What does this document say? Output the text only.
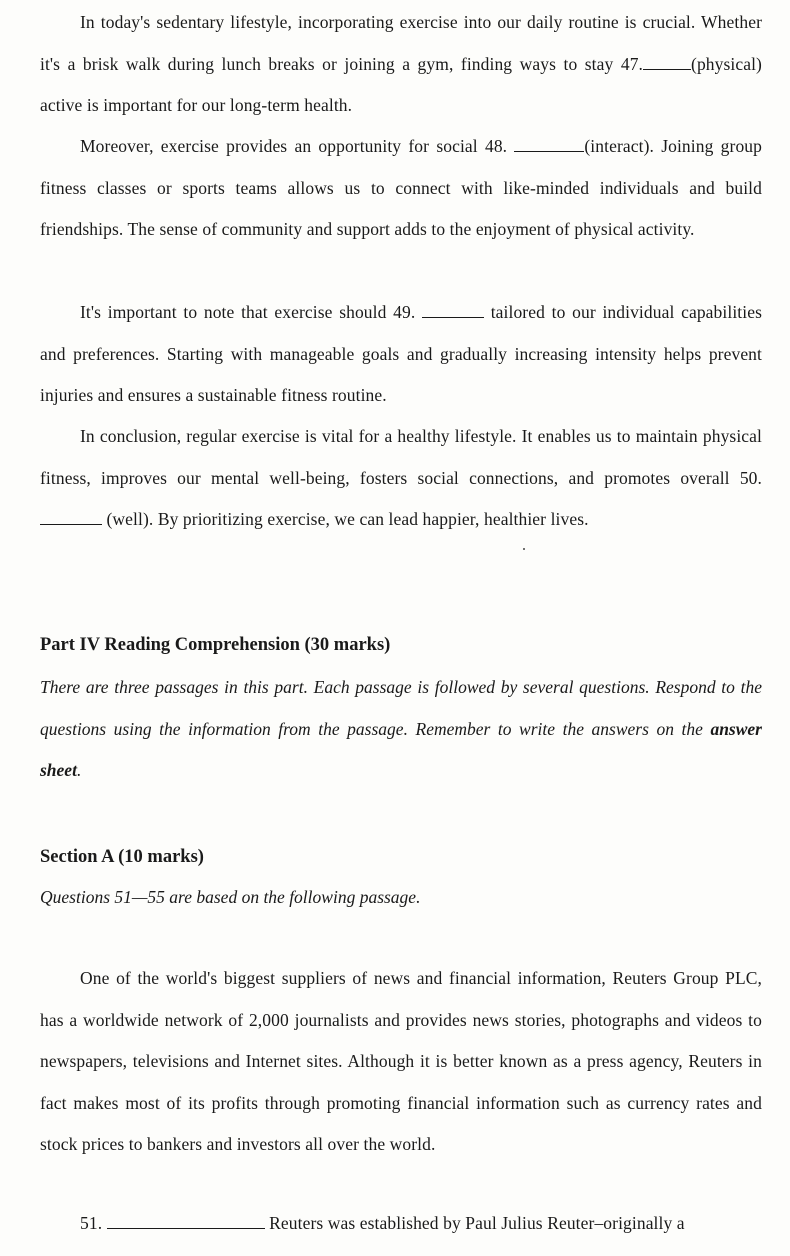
In today's sedentary lifestyle, incorporating exercise into our daily routine is crucial. Whether it's a brisk walk during lunch breaks or joining a gym, finding ways to stay 47.	(physical) active is important for our long-term health.

Moreover, exercise provides an opportunity for social 48.	(interact). Joining group fitness classes or sports teams allows us to connect with like-minded individuals and build friendships. The sense of community and support adds to the enjoyment of physical activity.

It's important to note that exercise should 49.	tailored to our individual capabilities and preferences. Starting with manageable goals and gradually increasing intensity helps prevent injuries and ensures a sustainable fitness routine.

In conclusion, regular exercise is vital for a healthy lifestyle. It enables us to maintain physical fitness, improves our mental well-being, fosters social connections, and promotes overall 50.  (well). By prioritizing exercise, we can lead happier, healthier lives.

Part IV Reading Comprehension (30 marks)

There are three passages in this part. Each passage is followed by several questions. Respond to the questions using the information from the passage. Remember to write the answers on the answer sheet.

Section A (10 marks)

Questions 51—55 are based on the following passage.

One of the world's biggest suppliers of news and financial information, Reuters Group PLC, has a worldwide network of 2,000 journalists and provides news stories, photographs and videos to newspapers, televisions and Internet sites. Although it is better known as a press agency, Reuters in fact makes most of its profits through promoting financial information such as currency rates and stock prices to bankers and investors all over the world.

51.	Reuters was established by Paul Julius Reuter–originally a
